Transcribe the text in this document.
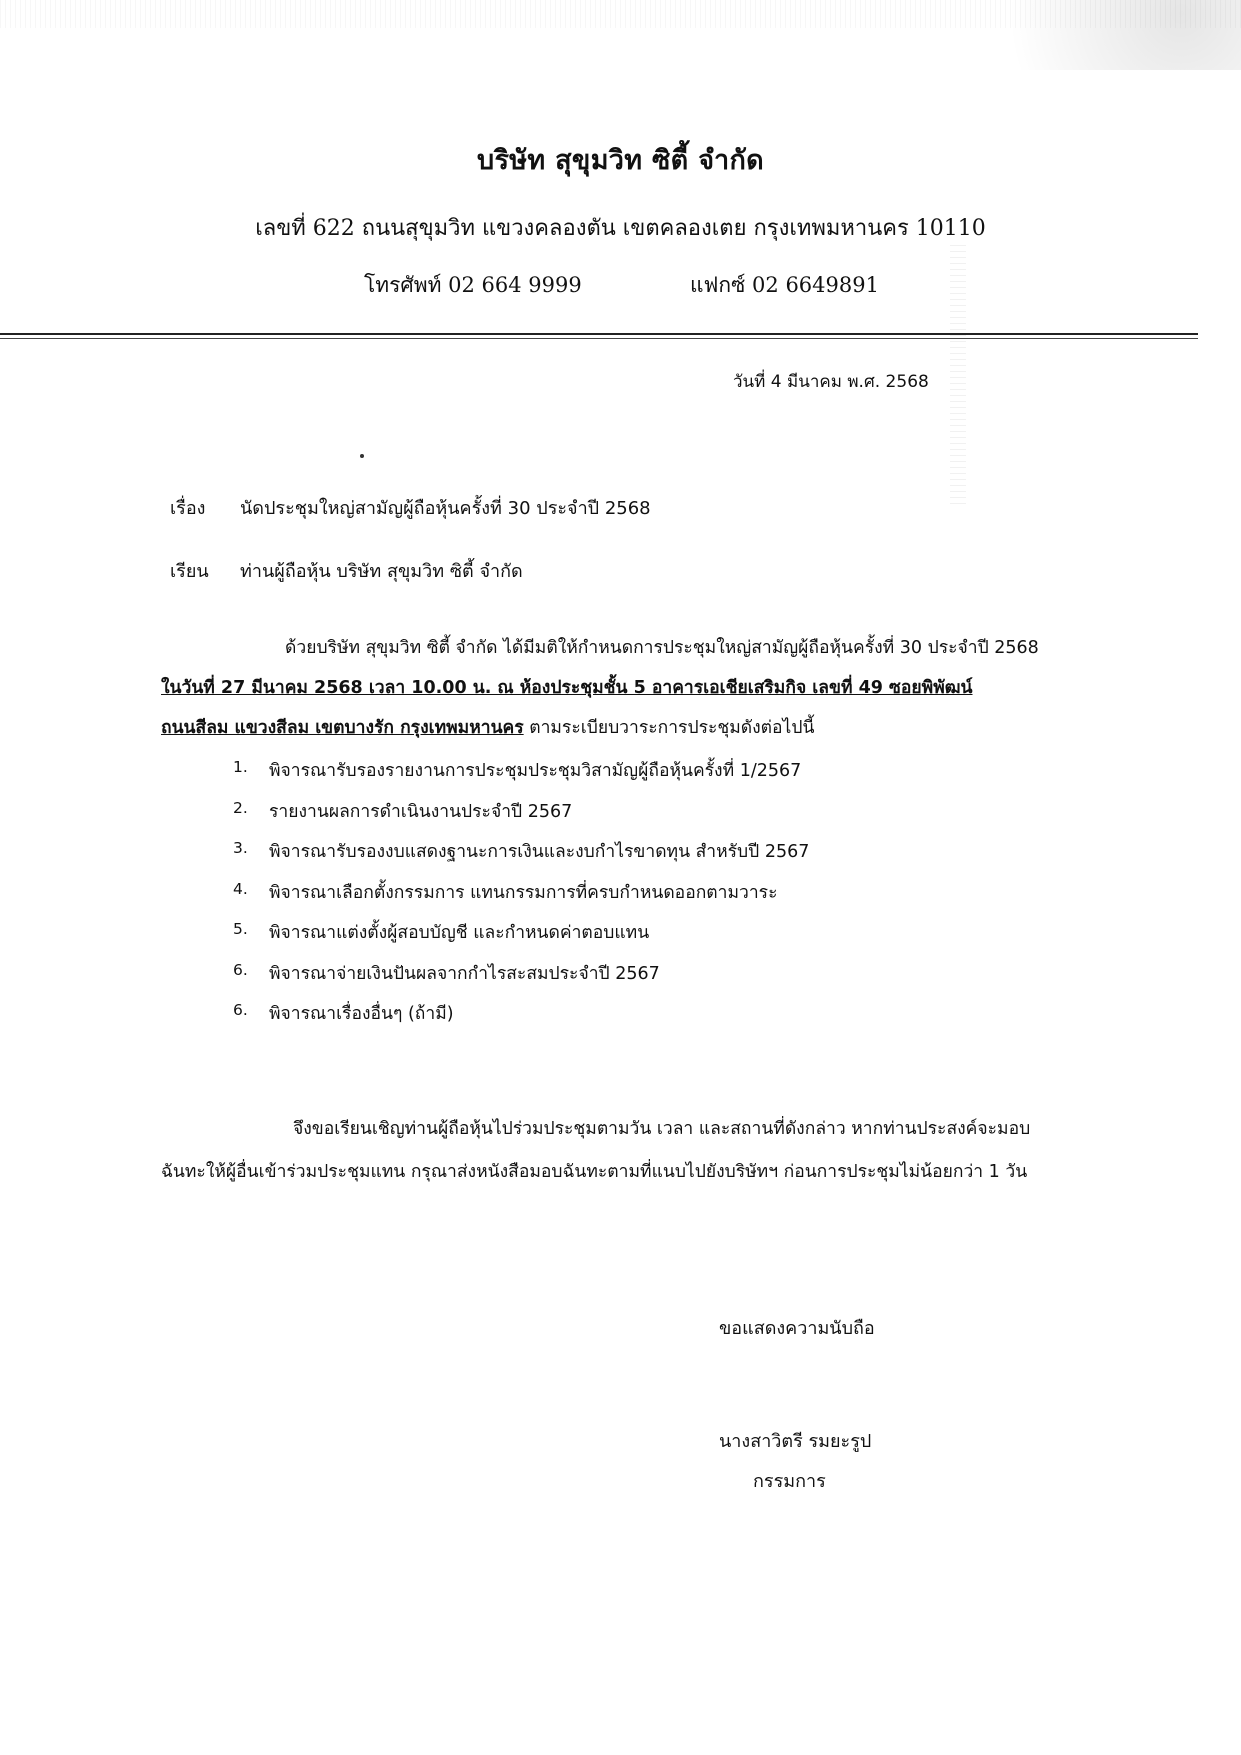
บริษัท สุขุมวิท ซิตี้ จำกัด
เลขที่ 622 ถนนสุขุมวิท แขวงคลองตัน เขตคลองเตย กรุงเทพมหานคร 10110
โทรศัพท์ 02 664 9999	แฟกซ์ 02 6649891
วันที่ 4 มีนาคม พ.ศ. 2568
เรื่อง นัดประชุมใหญ่สามัญผู้ถือหุ้นครั้งที่ 30 ประจำปี 2568
เรียน ท่านผู้ถือหุ้น บริษัท สุขุมวิท ซิตี้ จำกัด
ด้วยบริษัท สุขุมวิท ซิตี้ จำกัด ได้มีมติให้กำหนดการประชุมใหญ่สามัญผู้ถือหุ้นครั้งที่ 30 ประจำปี 2568
ในวันที่ 27 มีนาคม 2568 เวลา 10.00 น. ณ ห้องประชุมชั้น 5 อาคารเอเชียเสริมกิจ เลขที่ 49 ซอยพิพัฒน์
ถนนสีลม แขวงสีลม เขตบางรัก กรุงเทพมหานคร ตามระเบียบวาระการประชุมดังต่อไปนี้
1.	พิจารณารับรองรายงานการประชุมประชุมวิสามัญผู้ถือหุ้นครั้งที่ 1/2567
2.	รายงานผลการดำเนินงานประจำปี 2567
3.	พิจารณารับรองงบแสดงฐานะการเงินและงบกำไรขาดทุน สำหรับปี 2567
4.	พิจารณาเลือกตั้งกรรมการ แทนกรรมการที่ครบกำหนดออกตามวาระ
5.	พิจารณาแต่งตั้งผู้สอบบัญชี และกำหนดค่าตอบแทน
6.	พิจารณาจ่ายเงินปันผลจากกำไรสะสมประจำปี 2567
6.	พิจารณาเรื่องอื่นๆ (ถ้ามี)
จึงขอเรียนเชิญท่านผู้ถือหุ้นไปร่วมประชุมตามวัน เวลา และสถานที่ดังกล่าว หากท่านประสงค์จะมอบ
ฉันทะให้ผู้อื่นเข้าร่วมประชุมแทน กรุณาส่งหนังสือมอบฉันทะตามที่แนบไปยังบริษัทฯ ก่อนการประชุมไม่น้อยกว่า 1 วัน
ขอแสดงความนับถือ
นางสาวิตรี รมยะรูป
กรรมการ
